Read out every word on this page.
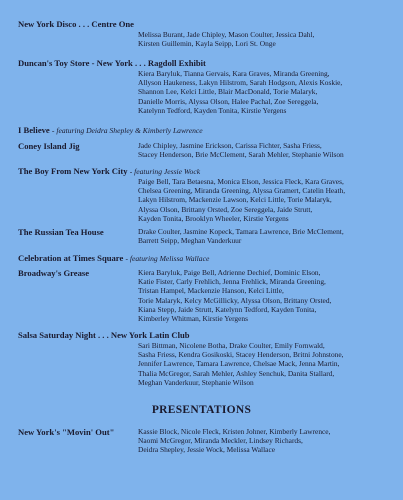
New York Disco . . . Centre One
Melissa Burant, Jade Chipley, Mason Coulter, Jessica Dahl,
Kirsten Guillemin, Kayla Seipp, Lori St. Onge
Duncan's Toy Store - New York . . . Ragdoll Exhibit
Kiera Baryluk, Tianna Gervais, Kara Graves, Miranda Greening,
Allyson Haukeness, Lakyn Hilstrom, Sarah Hodgson, Alexis Koskie,
Shannon Lee, Kelci Little, Blair MacDonald, Torie Malaryk,
Danielle Morris, Alyssa Olson, Halee Pachal, Zoe Sereggela,
Katelynn Tedford, Kayden Tonita, Kirstie Yergens
I Believe - featuring Deidra Shepley & Kimberly Lawrence
Coney Island Jig	Jade Chipley, Jasmine Erickson, Carissa Fichter, Sasha Friess,
Stacey Henderson, Brie McClement, Sarah Mehler, Stephanie Wilson
The Boy From New York City - featuring Jessie Wock
Paige Bell, Tara Betaesna, Monica Elson, Jessica Fleck, Kara Graves,
Chelsea Greening, Miranda Greening, Alyssa Gramert, Catelin Heath,
Lakyn Hilstrom, Mackenzie Lawson, Kelci Little, Torie Malaryk,
Alyssa Olson, Brittany Orsted, Zoe Sereggela, Jaide Strutt,
Kayden Tonita, Brooklyn Wheeler, Kirstie Yergens
The Russian Tea House	Drake Coulter, Jasmine Kopeck, Tamara Lawrence, Brie McClement,
Barrett Seipp, Meghan Vanderkuur
Celebration at Times Square - featuring Melissa Wallace
Broadway's Grease	Kiera Baryluk, Paige Bell, Adrienne Dechief, Dominic Elson,
Katie Fister, Carly Frehlich, Jenna Frehlick, Miranda Greening,
Tristan Hampel, Mackenzie Hanson, Kelci Little,
Torie Malaryk, Kelcy McGillicky, Alyssa Olson, Brittany Orsted,
Kiana Stepp, Jaide Strutt, Katelynn Tedford, Kayden Tonita,
Kimberley Whitman, Kirstie Yergens
Salsa Saturday Night . . . New York Latin Club
Sari Bittman, Nicolene Botha, Drake Coulter, Emily Fornwald,
Sasha Friess, Kendra Gosikoski, Stacey Henderson, Britni Johnstone,
Jennifer Lawrence, Tamara Lawrence, Chelsae Mack, Jenna Martin,
Thalia McGregor, Sarah Mehler, Ashley Senchuk, Danita Stallard,
Meghan Vanderkuur, Stephanie Wilson
PRESENTATIONS
New York's "Movin' Out"	Kassie Block, Nicole Fleck, Kristen Johner, Kimberly Lawrence,
Naomi McGregor, Miranda Meckler, Lindsey Richards,
Deidra Shepley, Jessie Wock, Melissa Wallace
